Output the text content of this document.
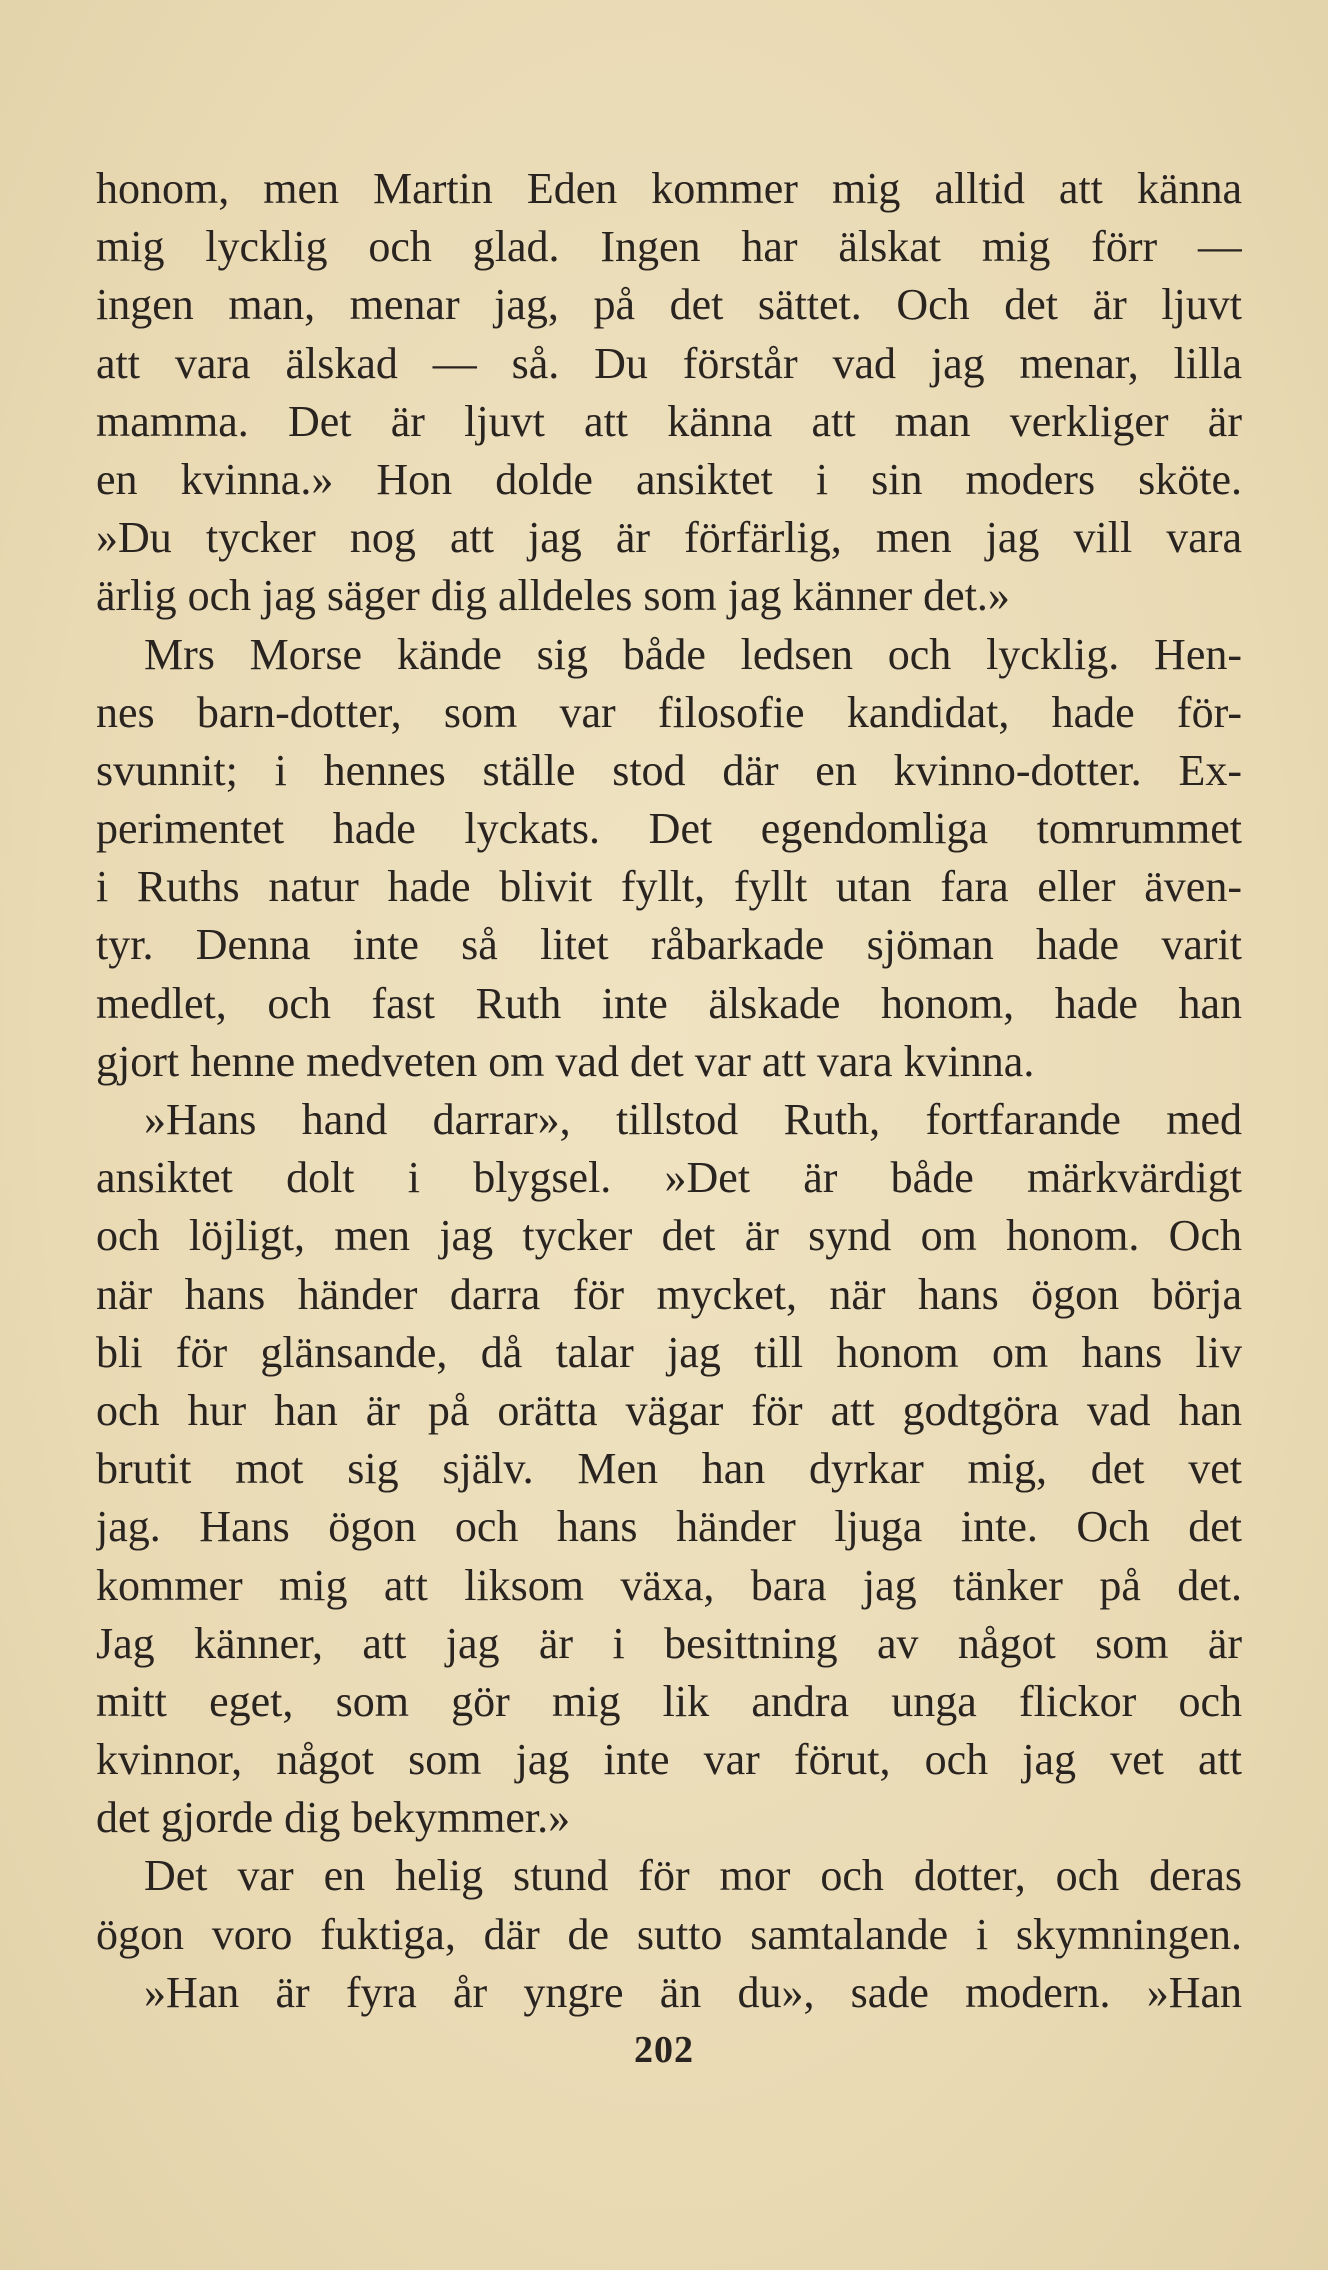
honom, men Martin Eden kommer mig alltid att känna
mig lycklig och glad. Ingen har älskat mig förr —
ingen man, menar jag, på det sättet. Och det är ljuvt
att vara älskad — så. Du förstår vad jag menar, lilla
mamma. Det är ljuvt att känna att man verkliger är
en kvinna.» Hon dolde ansiktet i sin moders sköte.
»Du tycker nog att jag är förfärlig, men jag vill vara
ärlig och jag säger dig alldeles som jag känner det.»
Mrs Morse kände sig både ledsen och lycklig. Hen-
nes barn-dotter, som var filosofie kandidat, hade för-
svunnit; i hennes ställe stod där en kvinno-dotter. Ex-
perimentet hade lyckats. Det egendomliga tomrummet
i Ruths natur hade blivit fyllt, fyllt utan fara eller även-
tyr. Denna inte så litet råbarkade sjöman hade varit
medlet, och fast Ruth inte älskade honom, hade han
gjort henne medveten om vad det var att vara kvinna.
»Hans hand darrar», tillstod Ruth, fortfarande med
ansiktet dolt i blygsel. »Det är både märkvärdigt
och löjligt, men jag tycker det är synd om honom. Och
när hans händer darra för mycket, när hans ögon börja
bli för glänsande, då talar jag till honom om hans liv
och hur han är på orätta vägar för att godtgöra vad han
brutit mot sig själv. Men han dyrkar mig, det vet
jag. Hans ögon och hans händer ljuga inte. Och det
kommer mig att liksom växa, bara jag tänker på det.
Jag känner, att jag är i besittning av något som är
mitt eget, som gör mig lik andra unga flickor och
kvinnor, något som jag inte var förut, och jag vet att
det gjorde dig bekymmer.»
Det var en helig stund för mor och dotter, och deras
ögon voro fuktiga, där de sutto samtalande i skymningen.
»Han är fyra år yngre än du», sade modern. »Han
202
